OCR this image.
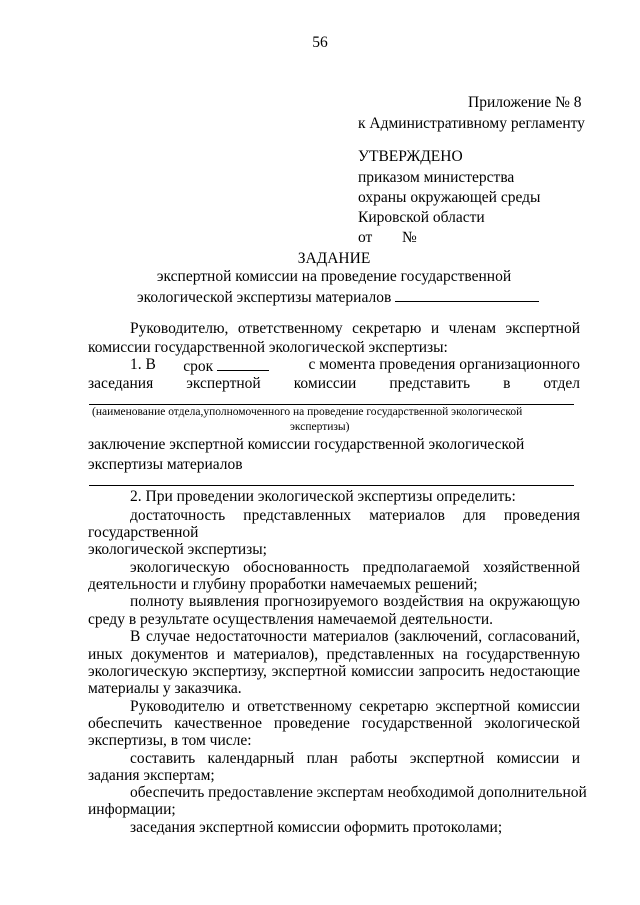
56
Приложение № 8
к Административному регламенту
УТВЕРЖДЕНО
приказом министерства
охраны окружающей среды
Кировской области
от №
ЗАДАНИЕ
экспертной комиссии на проведение государственной
экологической экспертизы материалов
Руководителю, ответственному секретарю и членам экспертной
комиссии государственной экологической экспертизы:
1. В срок	с момента проведения организационного
заседания экспертной комиссии представить в отдел
(наименование отдела,уполномоченного на проведение государственной экологической
экспертизы)
заключение экспертной комиссии государственной экологической
экспертизы материалов
2. При проведении экологической экспертизы определить:
достаточность представленных материалов для проведения
государственной
экологической экспертизы;
экологическую обоснованность предполагаемой хозяйственной
деятельности и глубину проработки намечаемых решений;
полноту выявления прогнозируемого воздействия на окружающую
среду в результате осуществления намечаемой деятельности.
В случае недостаточности материалов (заключений, согласований,
иных документов и материалов), представленных на государственную
экологическую экспертизу, экспертной комиссии запросить недостающие
материалы у заказчика.
Руководителю и ответственному секретарю экспертной комиссии
обеспечить качественное проведение государственной экологической
экспертизы, в том числе:
составить календарный план работы экспертной комиссии и
задания экспертам;
обеспечить предоставление экспертам необходимой дополнительной
информации;
заседания экспертной комиссии оформить протоколами;
